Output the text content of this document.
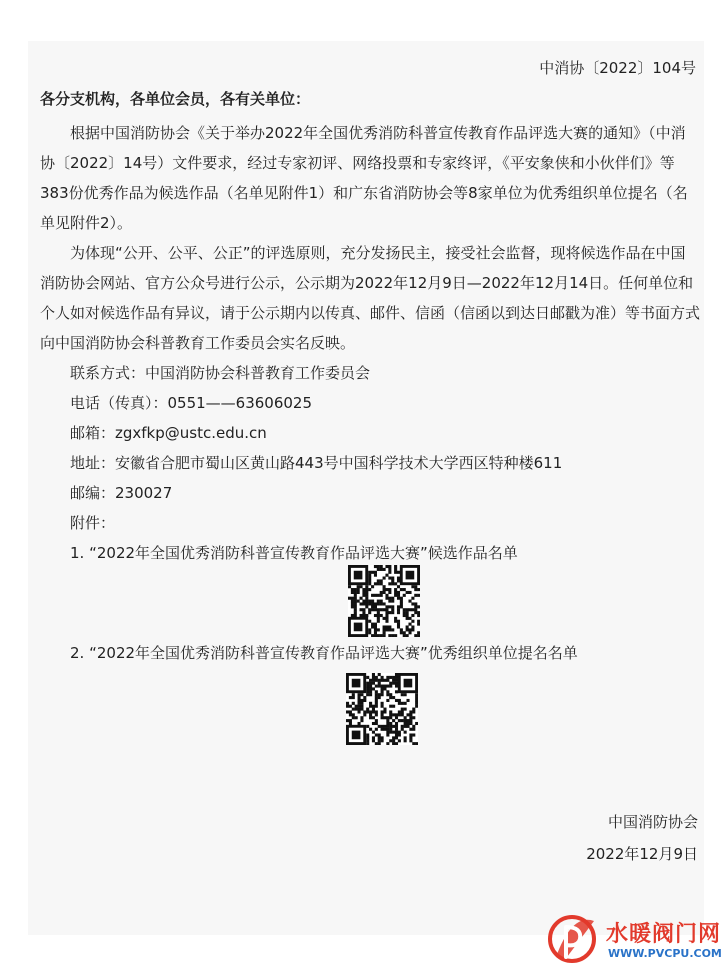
中消协〔2022〕104号
各分支机构，各单位会员，各有关单位：

根据中国消防协会《关于举办2022年全国优秀消防科普宣传教育作品评选大赛的通知》（中消协〔2022〕14号）文件要求，经过专家初评、网络投票和专家终评，《平安象侠和小伙伴们》等383份优秀作品为候选作品（名单见附件1）和广东省消防协会等8家单位为优秀组织单位提名（名单见附件2）。

为体现“公开、公平、公正”的评选原则，充分发扬民主，接受社会监督，现将候选作品在中国消防协会网站、官方公众号进行公示，公示期为2022年12月9日—2022年12月14日。任何单位和个人如对候选作品有异议，请于公示期内以传真、邮件、信函（信函以到达日邮戳为准）等书面方式向中国消防协会科普教育工作委员会实名反映。

联系方式：中国消防协会科普教育工作委员会

电话（传真）：0551——63606025

邮箱：zgxfkp@ustc.edu.cn

地址：安徽省合肥市蜀山区黄山路443号中国科学技术大学西区特种楼611

邮编：230027

附件：

1. “2022年全国优秀消防科普宣传教育作品评选大赛”候选作品名单

2. “2022年全国优秀消防科普宣传教育作品评选大赛”优秀组织单位提名名单

中国消防协会
2022年12月9日
水暖阀门网
WWW.PVCPU.COM
